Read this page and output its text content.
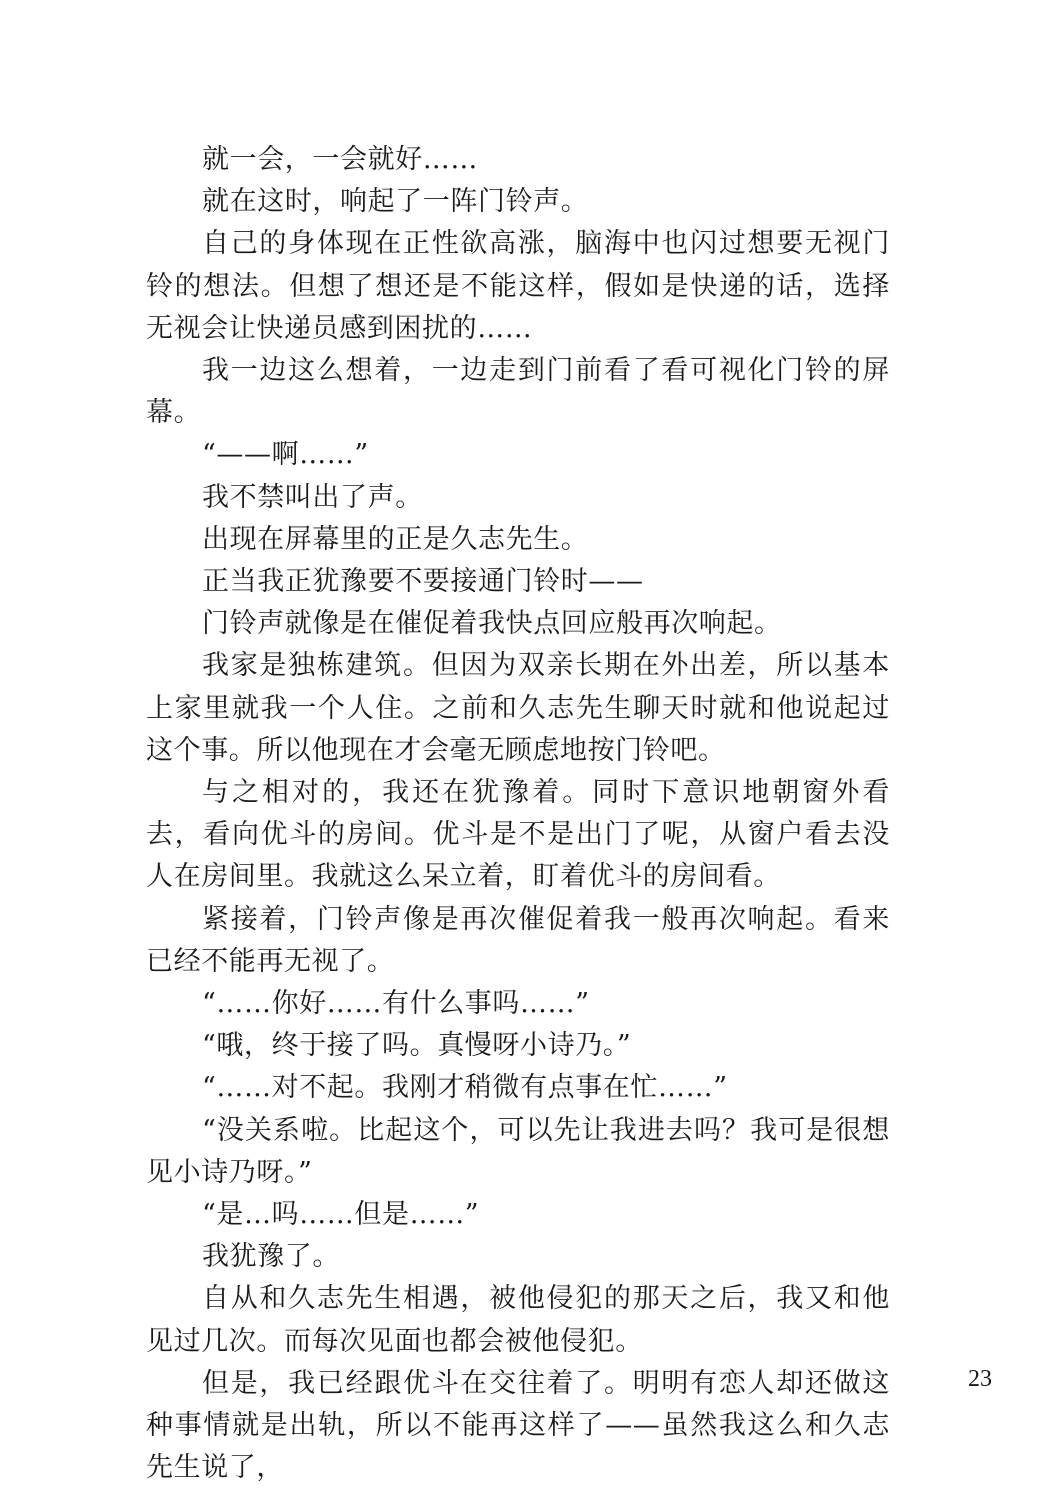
就一会，一会就好……

就在这时，响起了一阵门铃声。

自己的身体现在正性欲高涨，脑海中也闪过想要无视门铃的想法。但想了想还是不能这样，假如是快递的话，选择无视会让快递员感到困扰的……

我一边这么想着，一边走到门前看了看可视化门铃的屏幕。

“——啊……”

我不禁叫出了声。

出现在屏幕里的正是久志先生。

正当我正犹豫要不要接通门铃时——

门铃声就像是在催促着我快点回应般再次响起。

我家是独栋建筑。但因为双亲长期在外出差，所以基本上家里就我一个人住。之前和久志先生聊天时就和他说起过这个事。所以他现在才会毫无顾虑地按门铃吧。

与之相对的，我还在犹豫着。同时下意识地朝窗外看去，看向优斗的房间。优斗是不是出门了呢，从窗户看去没人在房间里。我就这么呆立着，盯着优斗的房间看。

紧接着，门铃声像是再次催促着我一般再次响起。看来已经不能再无视了。

“……你好……有什么事吗……”

“哦，终于接了吗。真慢呀小诗乃。”

“……对不起。我刚才稍微有点事在忙……”

“没关系啦。比起这个，可以先让我进去吗？我可是很想见小诗乃呀。”

“是…吗……但是……”

我犹豫了。

自从和久志先生相遇，被他侵犯的那天之后，我又和他见过几次。而每次见面也都会被他侵犯。

但是，我已经跟优斗在交往着了。明明有恋人却还做这种事情就是出轨，所以不能再这样了——虽然我这么和久志先生说了，

23
